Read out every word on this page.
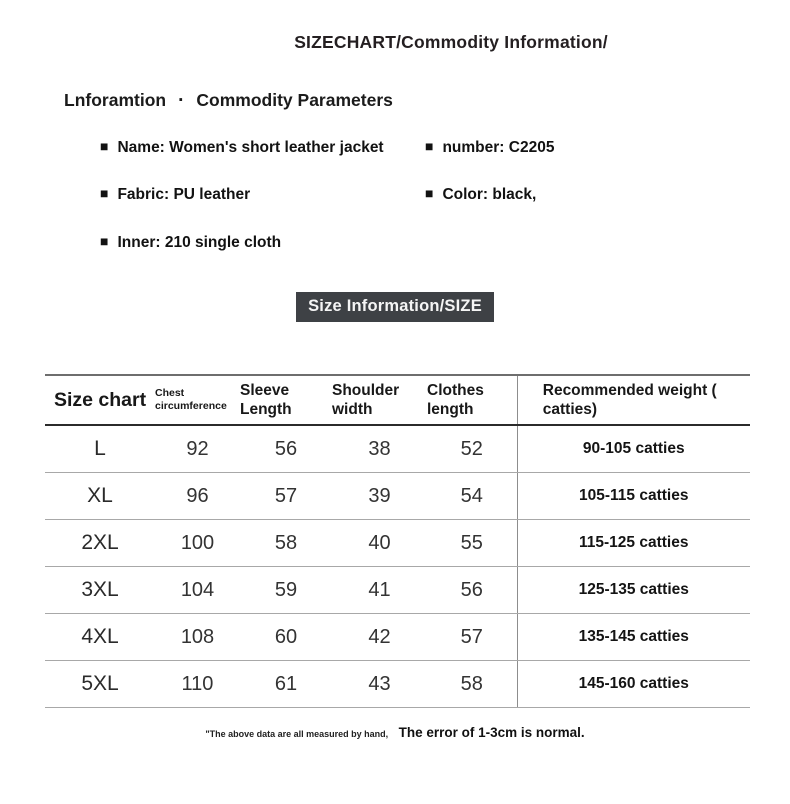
SIZECHART/Commodity Information/
Lnforamtion · Commodity Parameters
■ Name: Women's short leather jacket	■ number: C2205
■ Fabric: PU leather	■ Color: black,
■ Inner: 210 single cloth
Size Information/SIZE
Size chart	Chest circumference	Sleeve Length	Shoulder width	Clothes length	Recommended weight ( catties)
L	92	56	38	52	90-105 catties
XL	96	57	39	54	105-115 catties
2XL	100	58	40	55	115-125 catties
3XL	104	59	41	56	125-135 catties
4XL	108	60	42	57	135-145 catties
5XL	110	61	43	58	145-160 catties
"The above data are all measured by hand, The error of 1-3cm is normal.
